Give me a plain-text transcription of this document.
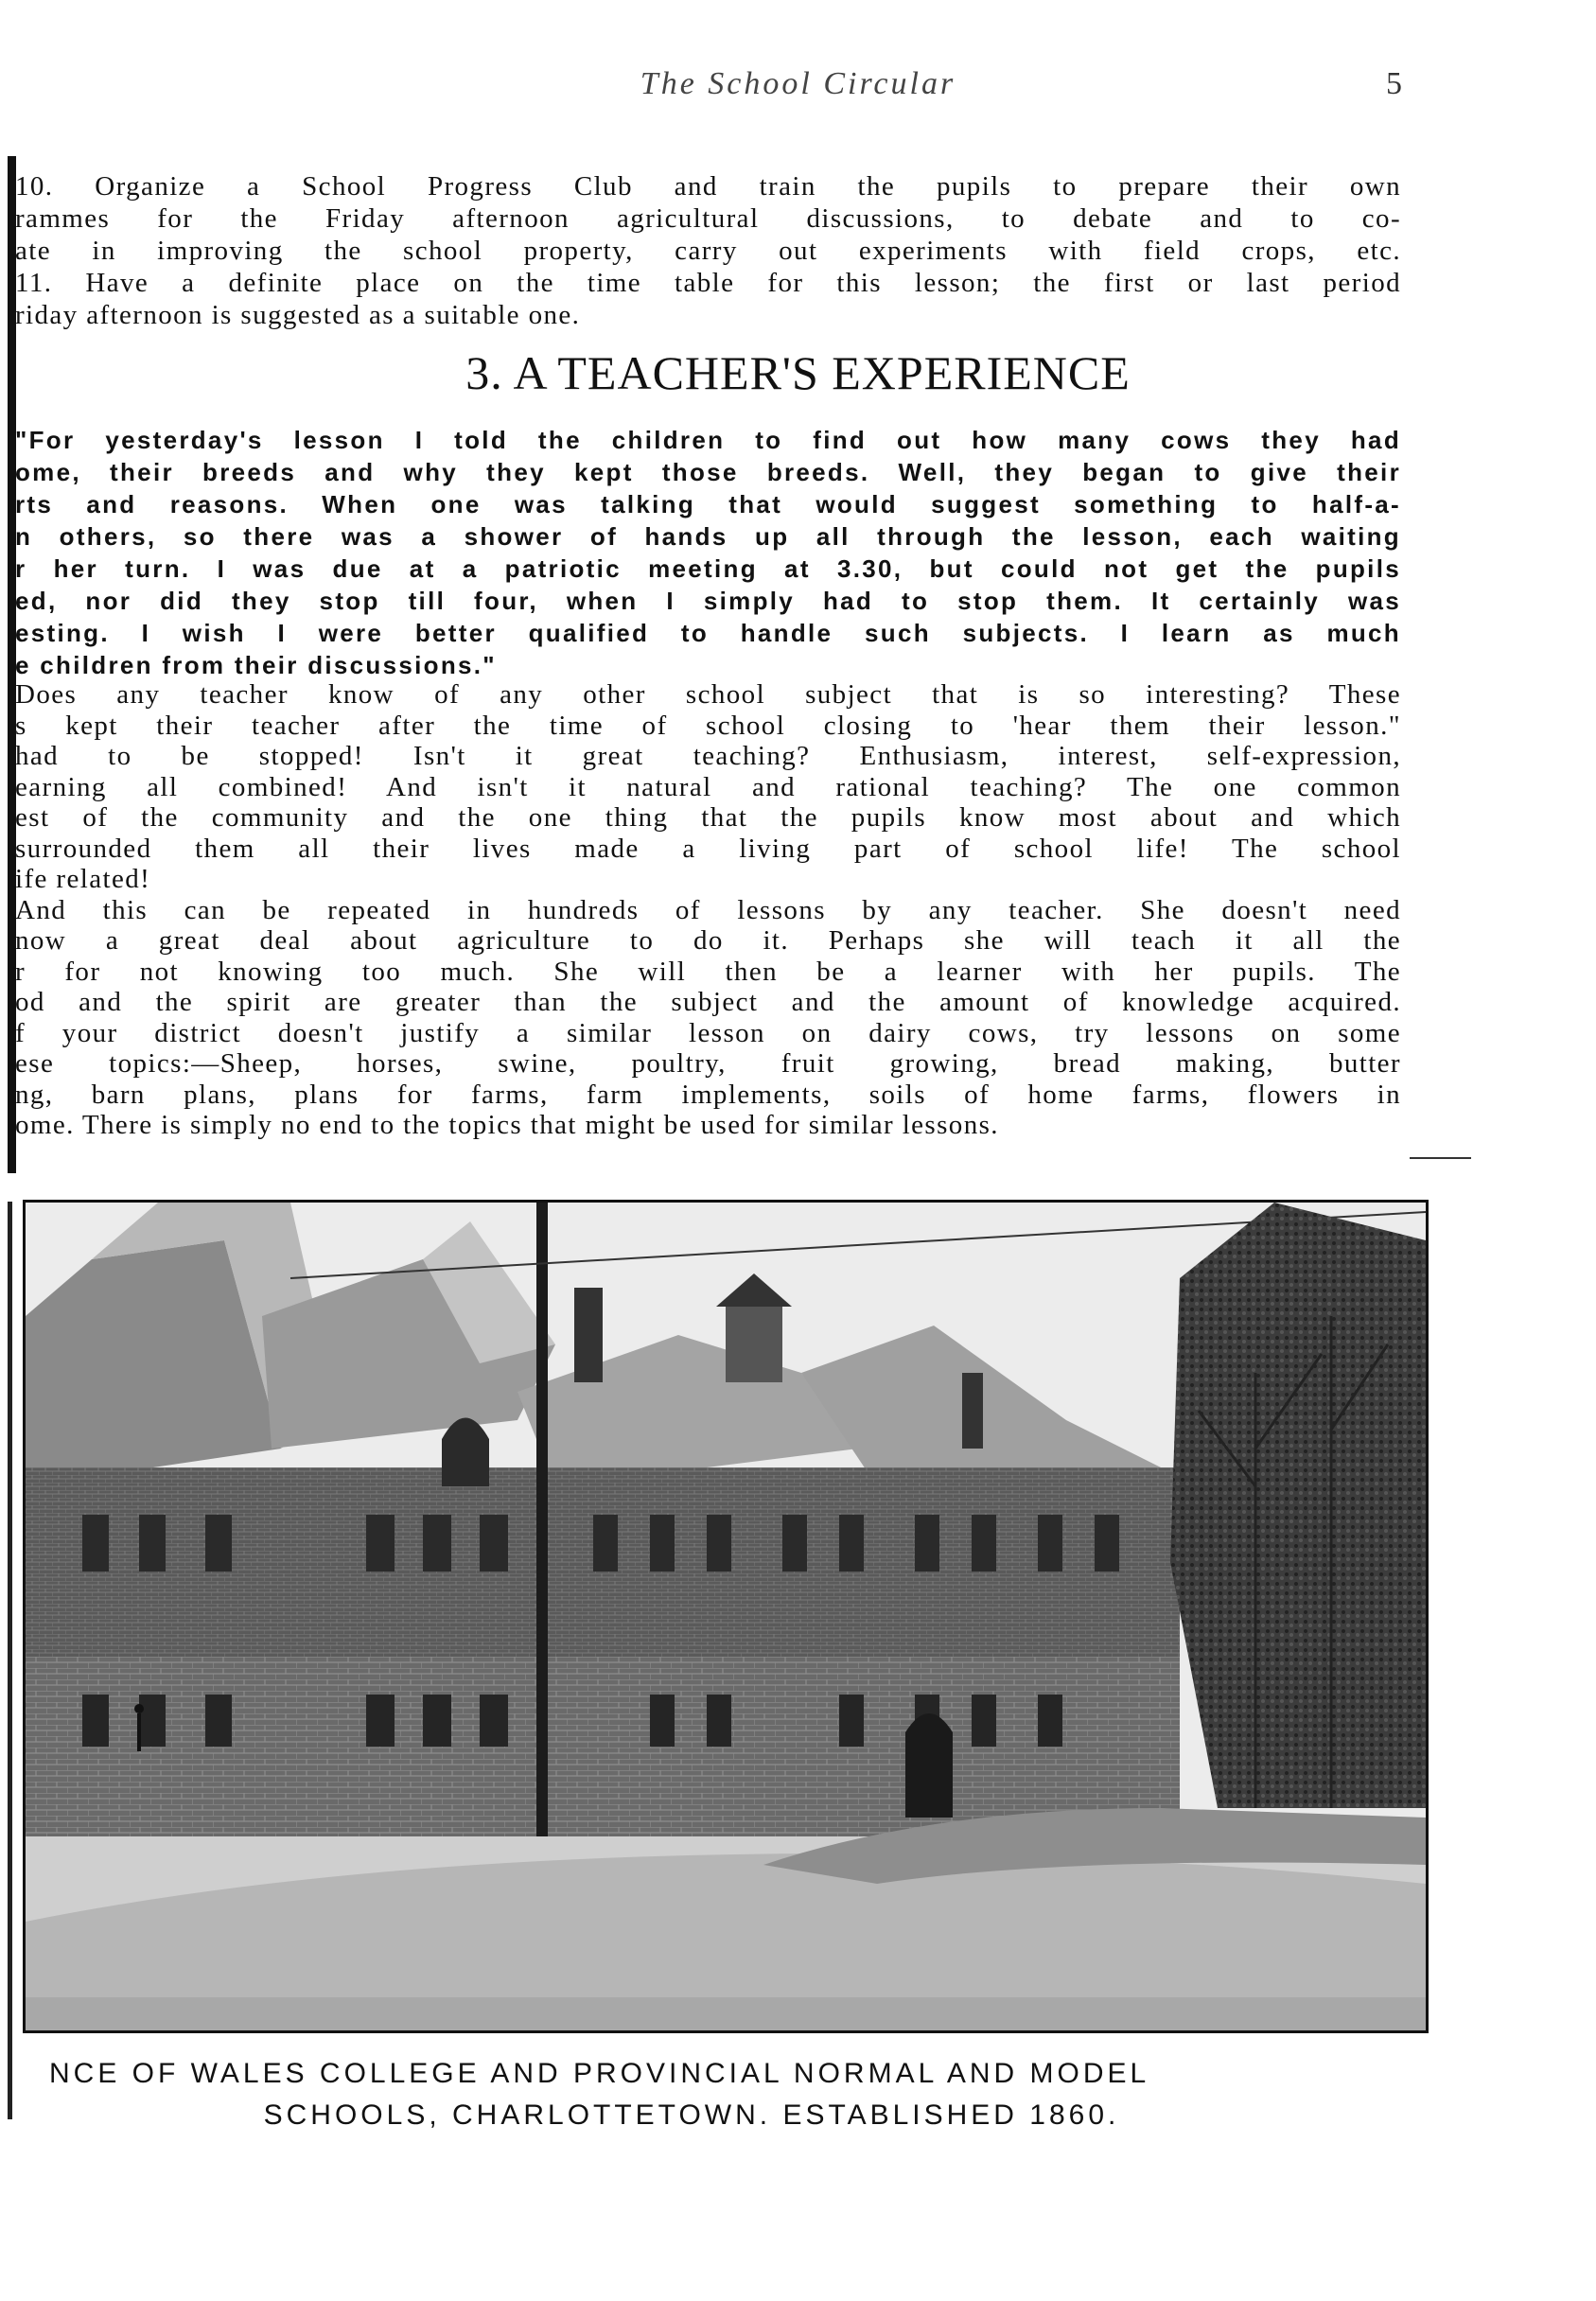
The School Circular	5
10. Organize a School Progress Club and train the pupils to prepare their own
rammes for the Friday afternoon agricultural discussions, to debate and to co-
ate in improving the school property, carry out experiments with field crops, etc.
11. Have a definite place on the time table for this lesson; the first or last period
riday afternoon is suggested as a suitable one.
3. A TEACHER'S EXPERIENCE
"For yesterday's lesson I told the children to find out how many cows they had
ome, their breeds and why they kept those breeds. Well, they began to give their
rts and reasons. When one was talking that would suggest something to half-a-
n others, so there was a shower of hands up all through the lesson, each waiting
r her turn. I was due at a patriotic meeting at 3.30, but could not get the pupils
ed, nor did they stop till four, when I simply had to stop them. It certainly was
esting. I wish I were better qualified to handle such subjects. I learn as much
e children from their discussions."
Does any teacher know of any other school subject that is so interesting? These
s kept their teacher after the time of school closing to 'hear them their lesson."
had to be stopped! Isn't it great teaching? Enthusiasm, interest, self-expression,
earning all combined! And isn't it natural and rational teaching? The one common
est of the community and the one thing that the pupils know most about and which
surrounded them all their lives made a living part of school life! The school
ife related!
And this can be repeated in hundreds of lessons by any teacher. She doesn't need
now a great deal about agriculture to do it. Perhaps she will teach it all the
r for not knowing too much. She will then be a learner with her pupils. The
od and the spirit are greater than the subject and the amount of knowledge acquired.
f your district doesn't justify a similar lesson on dairy cows, try lessons on some
ese topics:—Sheep, horses, swine, poultry, fruit growing, bread making, butter
ng, barn plans, plans for farms, farm implements, soils of home farms, flowers in
ome. There is simply no end to the topics that might be used for similar lessons.
NCE OF WALES COLLEGE AND PROVINCIAL NORMAL AND MODEL
SCHOOLS, CHARLOTTETOWN. ESTABLISHED 1860.
